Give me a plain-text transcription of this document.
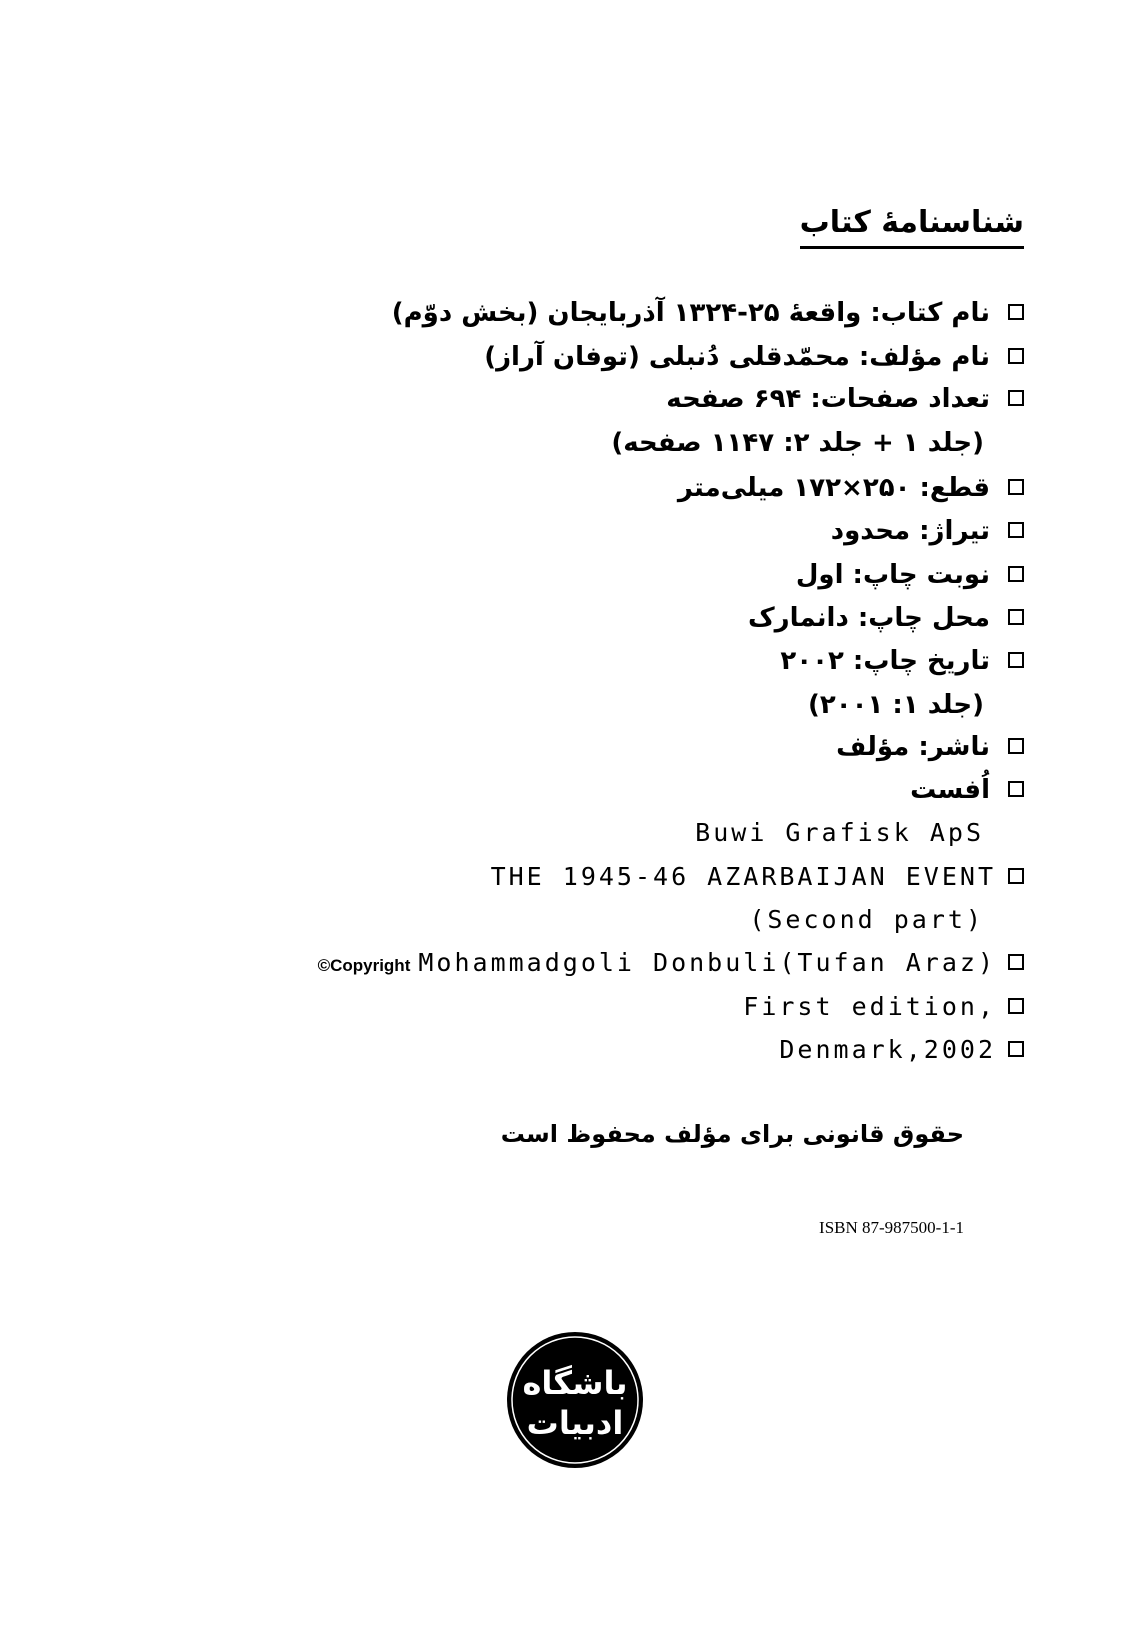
شناسنامهٔ کتاب
نام کتاب: واقعهٔ ۲۵-۱۳۲۴ آذربایجان (بخش دوّم)
نام مؤلف: محمّدقلی دُنبلی (توفان آراز)
تعداد صفحات: ۶۹۴ صفحه
(جلد ۱ + جلد ۲: ۱۱۴۷ صفحه)
قطع: ۲۵۰×۱۷۲ میلی‌متر
تیراژ: محدود
نوبت چاپ: اول
محل چاپ: دانمارک
تاریخ چاپ: ۲۰۰۲
(جلد ۱: ۲۰۰۱)
ناشر: مؤلف
اُفست
Buwi Grafisk ApS
THE 1945-46 AZARBAIJAN EVENT
(Second part)
©Copyright Mohammadgoli Donbuli(Tufan Araz)
First edition,
Denmark,2002
حقوق قانونی برای مؤلف محفوظ است
ISBN 87-987500-1-1
باشگاه
ادبیات
